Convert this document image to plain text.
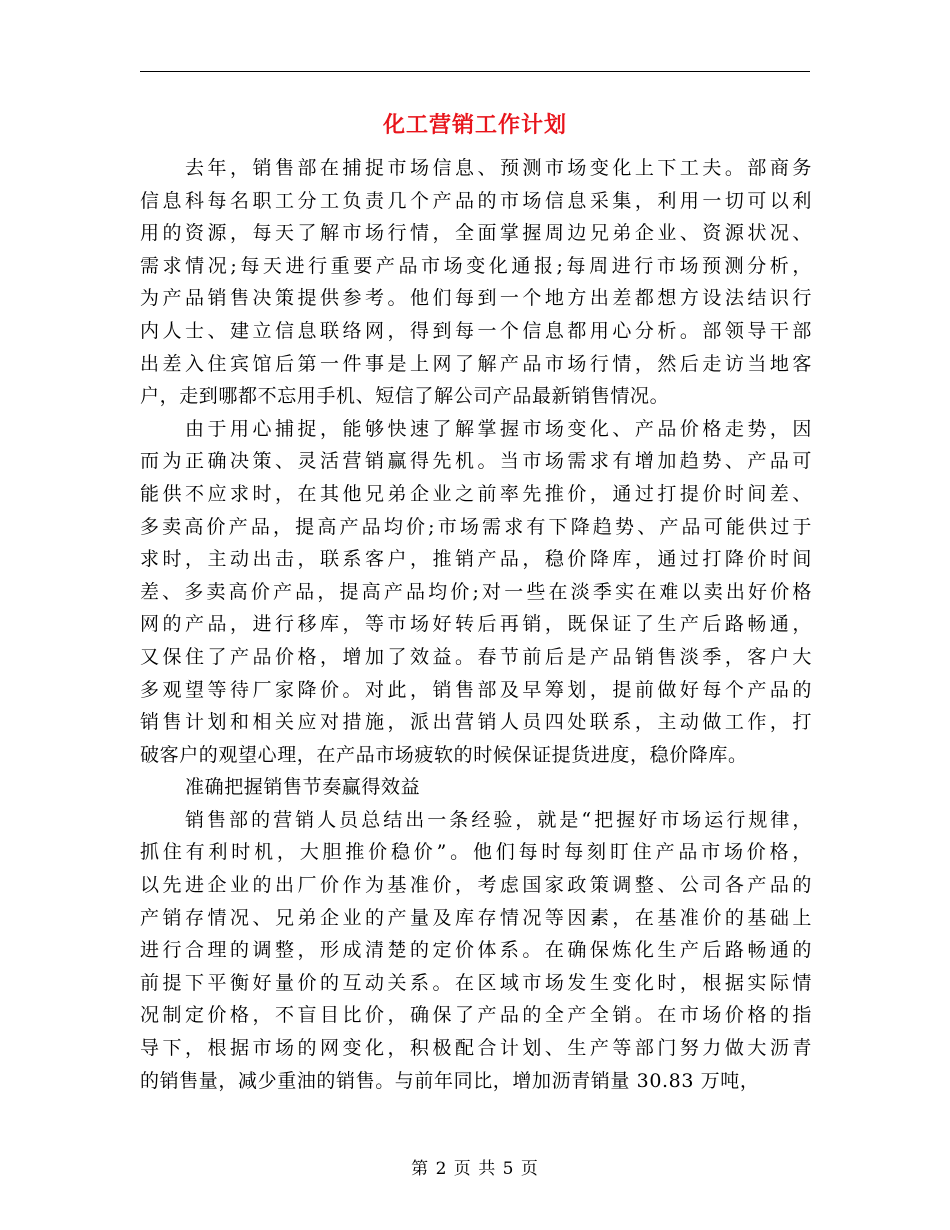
化工营销工作计划
去年，销售部在捕捉市场信息、预测市场变化上下工夫。部商务
信息科每名职工分工负责几个产品的市场信息采集，利用一切可以利
用的资源，每天了解市场行情，全面掌握周边兄弟企业、资源状况、
需求情况;每天进行重要产品市场变化通报;每周进行市场预测分析，
为产品销售决策提供参考。他们每到一个地方出差都想方设法结识行
内人士、建立信息联络网，得到每一个信息都用心分析。部领导干部
出差入住宾馆后第一件事是上网了解产品市场行情，然后走访当地客
户，走到哪都不忘用手机、短信了解公司产品最新销售情况。
由于用心捕捉，能够快速了解掌握市场变化、产品价格走势，因
而为正确决策、灵活营销赢得先机。当市场需求有增加趋势、产品可
能供不应求时，在其他兄弟企业之前率先推价，通过打提价时间差、
多卖高价产品，提高产品均价;市场需求有下降趋势、产品可能供过于
求时，主动出击，联系客户，推销产品，稳价降库，通过打降价时间
差、多卖高价产品，提高产品均价;对一些在淡季实在难以卖出好价格
网的产品，进行移库，等市场好转后再销，既保证了生产后路畅通，
又保住了产品价格，增加了效益。春节前后是产品销售淡季，客户大
多观望等待厂家降价。对此，销售部及早筹划，提前做好每个产品的
销售计划和相关应对措施，派出营销人员四处联系，主动做工作，打
破客户的观望心理，在产品市场疲软的时候保证提货进度，稳价降库。
准确把握销售节奏赢得效益
销售部的营销人员总结出一条经验，就是“把握好市场运行规律，
抓住有利时机，大胆推价稳价”。他们每时每刻盯住产品市场价格，
以先进企业的出厂价作为基准价，考虑国家政策调整、公司各产品的
产销存情况、兄弟企业的产量及库存情况等因素，在基准价的基础上
进行合理的调整，形成清楚的定价体系。在确保炼化生产后路畅通的
前提下平衡好量价的互动关系。在区域市场发生变化时，根据实际情
况制定价格，不盲目比价，确保了产品的全产全销。在市场价格的指
导下，根据市场的网变化，积极配合计划、生产等部门努力做大沥青
的销售量，减少重油的销售。与前年同比，增加沥青销量 30.83 万吨，
第 2 页 共 5 页
